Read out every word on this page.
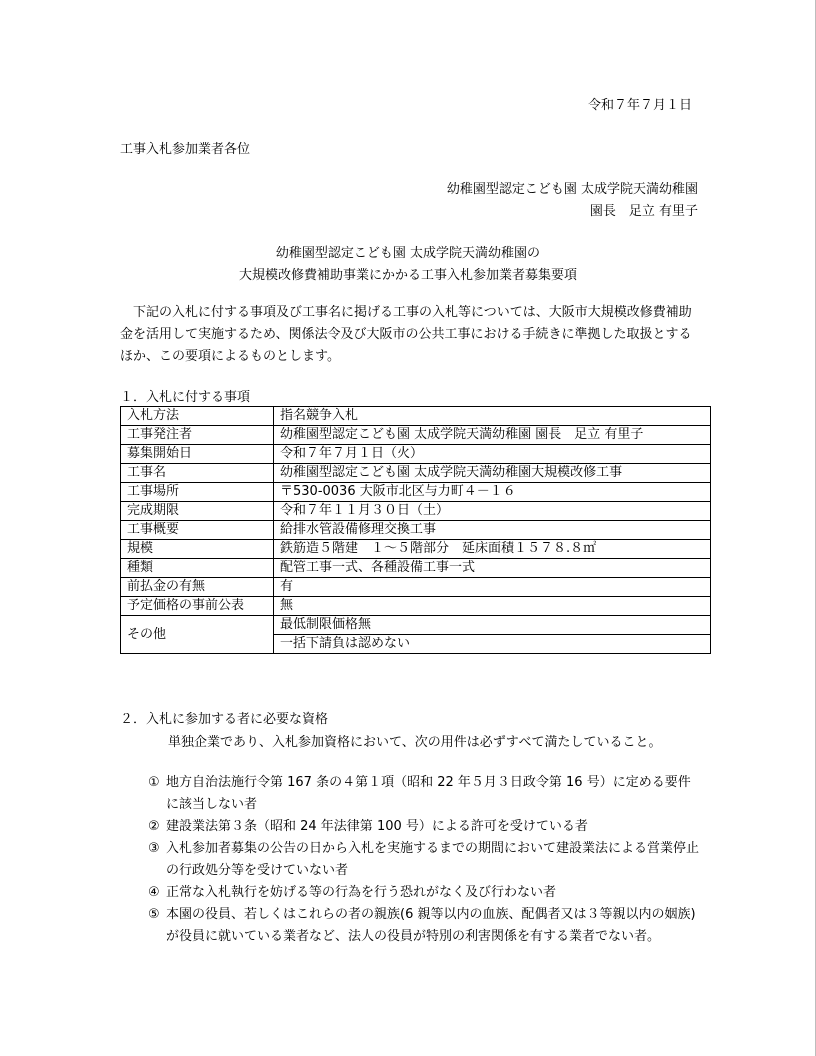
令和７年７月１日
工事入札参加業者各位
幼稚園型認定こども園 太成学院天満幼稚園
園長　足立 有里子
幼稚園型認定こども園 太成学院天満幼稚園の
大規模改修費補助事業にかかる工事入札参加業者募集要項
下記の入札に付する事項及び工事名に掲げる工事の入札等については、大阪市大規模改修費補助金を活用して実施するため、関係法令及び大阪市の公共工事における手続きに準拠した取扱とするほか、この要項によるものとします。
１．入札に付する事項
入札方法	指名競争入札
工事発注者	幼稚園型認定こども園 太成学院天満幼稚園 園長　足立 有里子
募集開始日	令和７年７月１日（火）
工事名	幼稚園型認定こども園 太成学院天満幼稚園大規模改修工事
工事場所	〒530-0036 大阪市北区与力町４－１６
完成期限	令和７年１１月３０日（土）
工事概要	給排水管設備修理交換工事
規模	鉄筋造５階建　１～５階部分　延床面積１５７８.８㎡
種類	配管工事一式、各種設備工事一式
前払金の有無	有
予定価格の事前公表	無
その他	最低制限価格無
	一括下請負は認めない
２．入札に参加する者に必要な資格
単独企業であり、入札参加資格において、次の用件は必ずすべて満たしていること。
① 地方自治法施行令第 167 条の４第１項（昭和 22 年５月３日政令第 16 号）に定める要件に該当しない者
② 建設業法第３条（昭和 24 年法律第 100 号）による許可を受けている者
③ 入札参加者募集の公告の日から入札を実施するまでの期間において建設業法による営業停止の行政処分等を受けていない者
④ 正常な入札執行を妨げる等の行為を行う恐れがなく及び行わない者
⑤ 本園の役員、若しくはこれらの者の親族(6 親等以内の血族、配偶者又は３等親以内の姻族)が役員に就いている業者など、法人の役員が特別の利害関係を有する業者でない者。
